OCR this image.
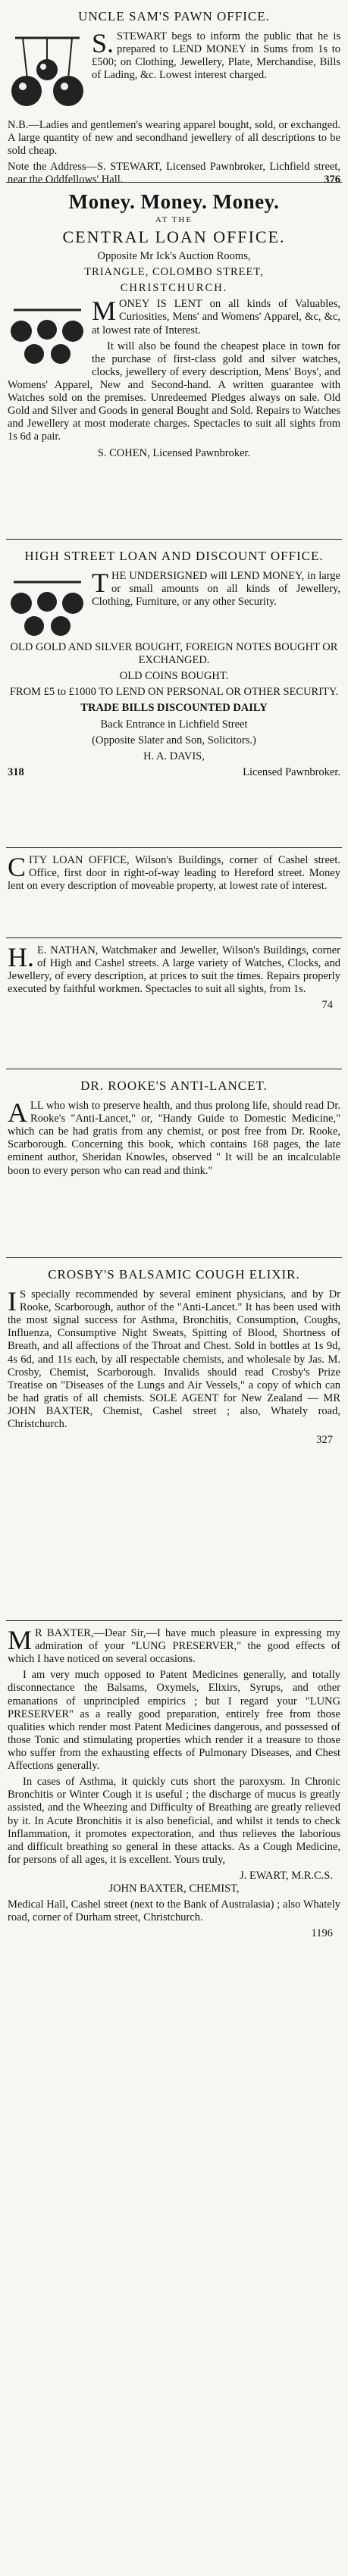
UNCLE SAM'S PAWN OFFICE.

S. STEWART begs to inform the public that he is prepared to LEND MONEY in Sums from 1s to £500; on Clothing, Jewellery, Plate, Merchandise, Bills of Lading, &c. Lowest interest charged.

N.B.—Ladies and gentlemen's wearing apparel bought, sold, or exchanged. A large quantity of new and secondhand jewellery of all descriptions to be sold cheap.

Note the Address—S. STEWART, Licensed Pawnbroker, Lichfield street, near the Oddfellows' Hall.	376

Money. Money. Money.
AT THE
CENTRAL LOAN OFFICE.

Opposite Mr Ick's Auction Rooms,

TRIANGLE, COLOMBO STREET,

CHRISTCHURCH.

MONEY IS LENT on all kinds of Valuables, Curiosities, Mens' and Womens' Apparel, &c, &c, at lowest rate of Interest.

It will also be found the cheapest place in town for the purchase of first-class gold and silver watches, clocks, jewellery of every description, Mens' Boys', and Womens' Apparel, New and Second-hand. A written guarantee with Watches sold on the premises. Unredeemed Pledges always on sale. Old Gold and Silver and Goods in general Bought and Sold. Repairs to Watches and Jewellery at most moderate charges. Spectacles to suit all sights from 1s 6d a pair.

S. COHEN, Licensed Pawnbroker.

HIGH STREET LOAN AND DISCOUNT OFFICE.

THE UNDERSIGNED will LEND MONEY, in large or small amounts on all kinds of Jewellery, Clothing, Furniture, or any other Security.

OLD GOLD AND SILVER BOUGHT, FOREIGN NOTES BOUGHT OR EXCHANGED.

OLD COINS BOUGHT.

FROM £5 to £1000 TO LEND ON PERSONAL OR OTHER SECURITY.

TRADE BILLS DISCOUNTED DAILY

Back Entrance in Lichfield Street

(Opposite Slater and Son, Solicitors.)

H. A. DAVIS,

318	Licensed Pawnbroker.

CITY LOAN OFFICE, Wilson's Buildings, corner of Cashel street. Office, first door in right-of-way leading to Hereford street. Money lent on every description of moveable property, at lowest rate of interest.

H. E. NATHAN, Watchmaker and Jeweller, Wilson's Buildings, corner of High and Cashel streets. A large variety of Watches, Clocks, and Jewellery, of every description, at prices to suit the times. Repairs properly executed by faithful workmen. Spectacles to suit all sights, from 1s.

74
DR. ROOKE'S ANTI-LANCET.

ALL who wish to preserve health, and thus prolong life, should read Dr. Rooke's "Anti-Lancet," or, "Handy Guide to Domestic Medicine," which can be had gratis from any chemist, or post free from Dr. Rooke, Scarborough. Concerning this book, which contains 168 pages, the late eminent author, Sheridan Knowles, observed " It will be an incalculable boon to every person who can read and think."

CROSBY'S BALSAMIC COUGH ELIXIR.

I S specially recommended by several eminent physicians, and by Dr Rooke, Scarborough, author of the "Anti-Lancet." It has been used with the most signal success for Asthma, Bronchitis, Consumption, Coughs, Influenza, Consumptive Night Sweats, Spitting of Blood, Shortness of Breath, and all affections of the Throat and Chest. Sold in bottles at 1s 9d, 4s 6d, and 11s each, by all respectable chemists, and wholesale by Jas. M. Crosby, Chemist, Scarborough. Invalids should read Crosby's Prize Treatise on "Diseases of the Lungs and Air Vessels," a copy of which can be had gratis of all chemists. SOLE AGENT for New Zealand — MR JOHN BAXTER, Chemist, Cashel street ; also, Whately road, Christchurch.

327

M R BAXTER,—Dear Sir,—I have much pleasure in expressing my admiration of your "LUNG PRESERVER," the good effects of which I have noticed on several occasions.

I am very much opposed to Patent Medicines generally, and totally disconnectance the Balsams, Oxymels, Elixirs, Syrups, and other emanations of unprincipled empirics ; but I regard your "LUNG PRESERVER" as a really good preparation, entirely free from those qualities which render most Patent Medicines dangerous, and possessed of those Tonic and stimulating properties which render it a treasure to those who suffer from the exhausting effects of Pulmonary Diseases, and Chest Affections generally.

In cases of Asthma, it quickly cuts short the paroxysm. In Chronic Bronchitis or Winter Cough it is useful ; the discharge of mucus is greatly assisted, and the Wheezing and Difficulty of Breathing are greatly relieved by it. In Acute Bronchitis it is also beneficial, and whilst it tends to check Inflammation, it promotes expectoration, and thus relieves the laborious and difficult breathing so general in these attacks. As a Cough Medicine, for persons of all ages, it is excellent. Yours truly,

J. EWART, M.R.C.S.

JOHN BAXTER, CHEMIST,

Medical Hall, Cashel street (next to the Bank of Australasia) ; also Whately road, corner of Durham street, Christchurch.

1196
